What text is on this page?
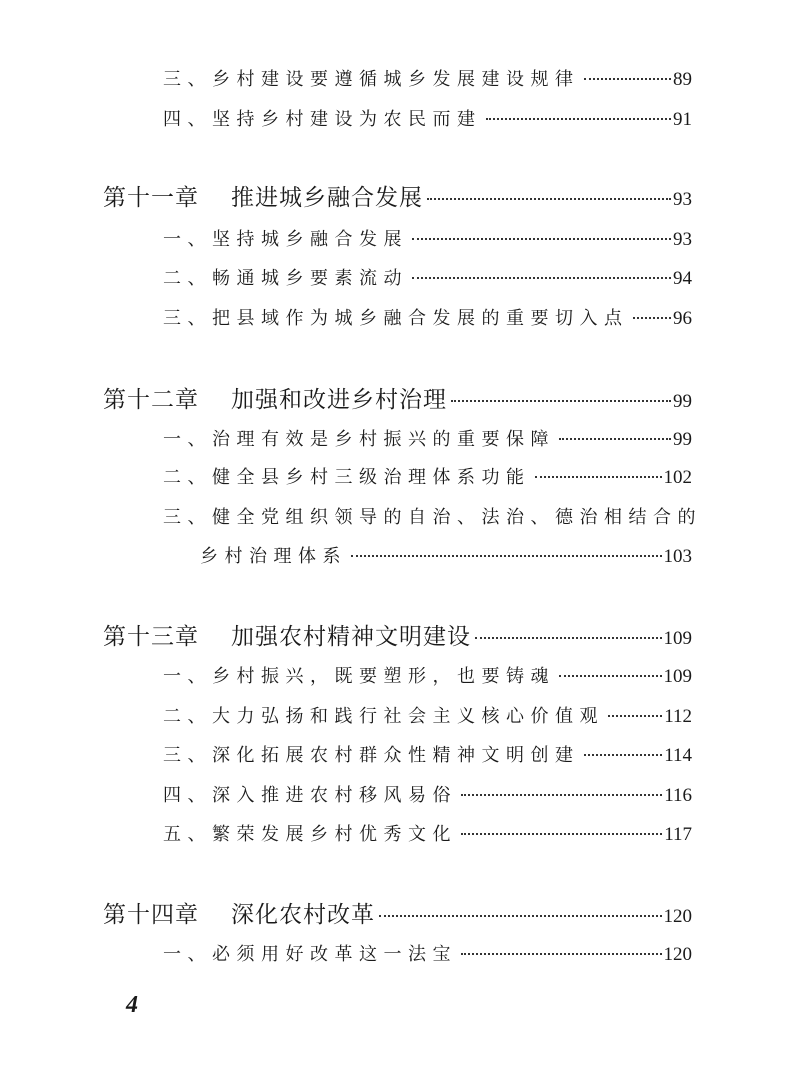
三、乡村建设要遵循城乡发展建设规律	89
四、坚持乡村建设为农民而建	91
第十一章 推进城乡融合发展	93
一、坚持城乡融合发展	93
二、畅通城乡要素流动	94
三、把县域作为城乡融合发展的重要切入点 96
第十二章 加强和改进乡村治理	99
一、治理有效是乡村振兴的重要保障	99
二、健全县乡村三级治理体系功能	102
三、健全党组织领导的自治、法治、德治相结合的
乡村治理体系	103
第十三章 加强农村精神文明建设	109
一、乡村振兴，既要塑形，也要铸魂	109
二、大力弘扬和践行社会主义核心价值观	112
三、深化拓展农村群众性精神文明创建	114
四、深入推进农村移风易俗	116
五、繁荣发展乡村优秀文化	117
第十四章 深化农村改革	120
一、必须用好改革这一法宝	120
4
